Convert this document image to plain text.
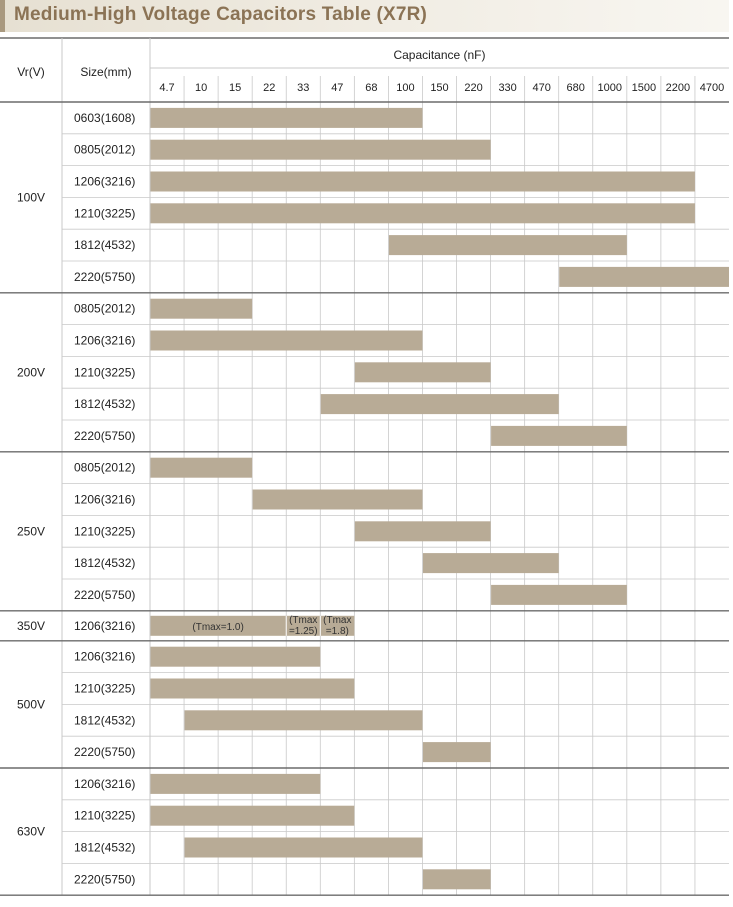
Medium-High Voltage Capacitors Table (X7R)
Vr(V)	Size(mm)
Capacitance (nF)
4.7 10 15 22 33 47 68 100 150 220 330 470 680 1000 1500 2200 4700
0603(1608)
0805(2012)
1206(3216)
1210(3225)
1812(4532)
2220(5750)
0805(2012)
1206(3216)
1210(3225)
1812(4532)
2220(5750)
0805(2012)
1206(3216)
1210(3225)
1812(4532)
2220(5750)
1206(3216)	(Tmax=1.0)
(Tmax
=1.25)
(Tmax
=1.8)
1206(3216)
1210(3225)
1812(4532)
2220(5750)
1206(3216)
1210(3225)
1812(4532)
2220(5750)
100V
200V
250V
350V
500V
630V
